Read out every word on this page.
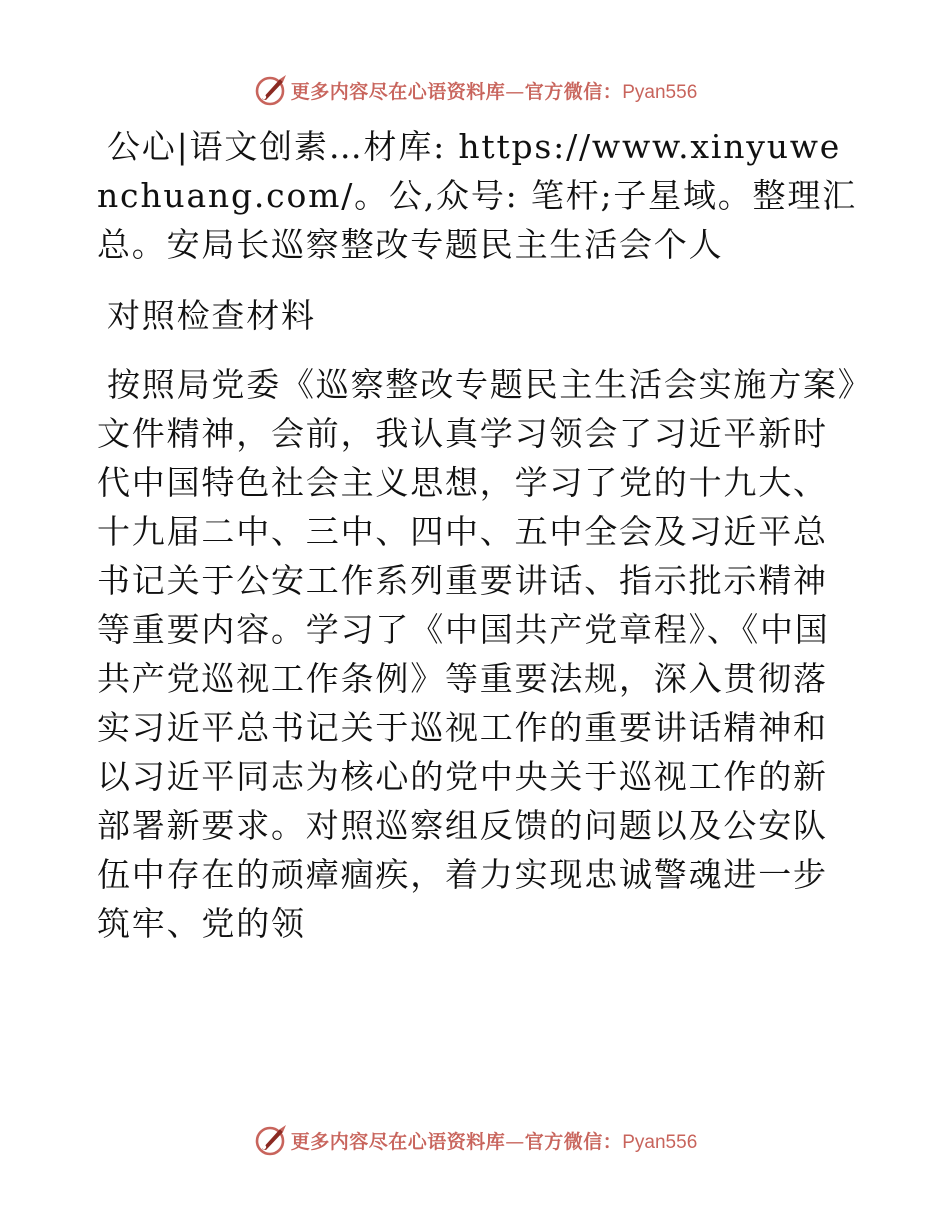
更多内容尽在心语资料库—官方微信：Pyan556

公心|语文创素…材库: https://www.xinyuwenchuang.com/。公,众号: 笔杆;子星域。整理汇总。安局长巡察整改专题民主生活会个人

对照检查材料

按照局党委《巡察整改专题民主生活会实施方案》文件精神，会前，我认真学习领会了习近平新时代中国特色社会主义思想，学习了党的十九大、十九届二中、三中、四中、五中全会及习近平总书记关于公安工作系列重要讲话、指示批示精神等重要内容。学习了《中国共产党章程》、《中国共产党巡视工作条例》等重要法规，深入贯彻落实习近平总书记关于巡视工作的重要讲话精神和以习近平同志为核心的党中央关于巡视工作的新部署新要求。对照巡察组反馈的问题以及公安队伍中存在的顽瘴痼疾，着力实现忠诚警魂进一步筑牢、党的领

更多内容尽在心语资料库—官方微信：Pyan556
